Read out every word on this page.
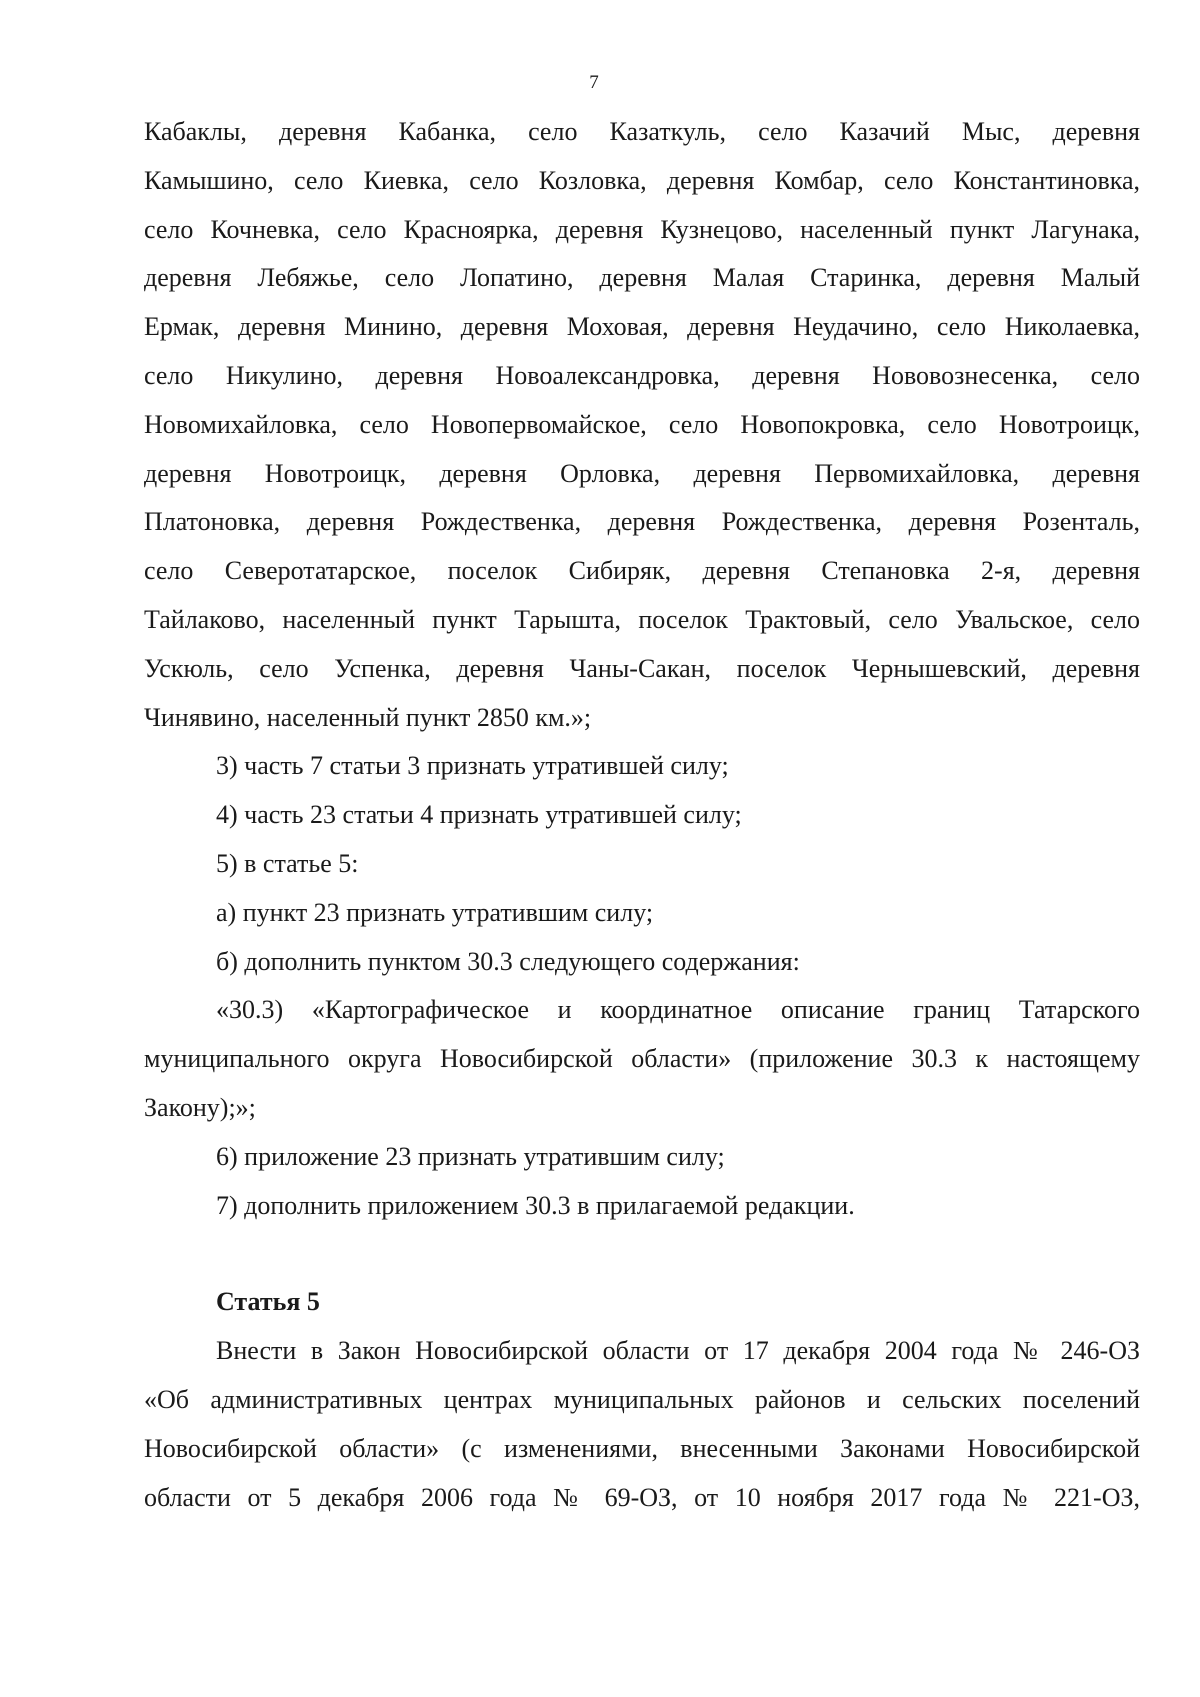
7

Кабаклы, деревня Кабанка, село Казаткуль, село Казачий Мыс, деревня

Камышино, село Киевка, село Козловка, деревня Комбар, село Константиновка,

село Кочневка, село Красноярка, деревня Кузнецово, населенный пункт Лагунака,

деревня Лебяжье, село Лопатино, деревня Малая Старинка, деревня Малый

Ермак, деревня Минино, деревня Моховая, деревня Неудачино, село Николаевка,

село Никулино, деревня Новоалександровка, деревня Нововознесенка, село

Новомихайловка, село Новопервомайское, село Новопокровка, село Новотроицк,

деревня Новотроицк, деревня Орловка, деревня Первомихайловка, деревня

Платоновка, деревня Рождественка, деревня Рождественка, деревня Розенталь,

село Северотатарское, поселок Сибиряк, деревня Степановка 2-я, деревня

Тайлаково, населенный пункт Тарышта, поселок Трактовый, село Увальское, село

Ускюль, село Успенка, деревня Чаны-Сакан, поселок Чернышевский, деревня

Чинявино, населенный пункт 2850 км.»;

3) часть 7 статьи 3 признать утратившей силу;

4) часть 23 статьи 4 признать утратившей силу;

5) в статье 5:

а) пункт 23 признать утратившим силу;

б) дополнить пунктом 30.3 следующего содержания:

«30.3) «Картографическое и координатное описание границ Татарского

муниципального округа Новосибирской области» (приложение 30.3 к настоящему

Закону);»;

6) приложение 23 признать утратившим силу;

7) дополнить приложением 30.3 в прилагаемой редакции.

Статья 5

Внести в Закон Новосибирской области от 17 декабря 2004 года № 246-ОЗ

«Об административных центрах муниципальных районов и сельских поселений

Новосибирской области» (с изменениями, внесенными Законами Новосибирской

области от 5 декабря 2006 года № 69-ОЗ, от 10 ноября 2017 года № 221-ОЗ,
